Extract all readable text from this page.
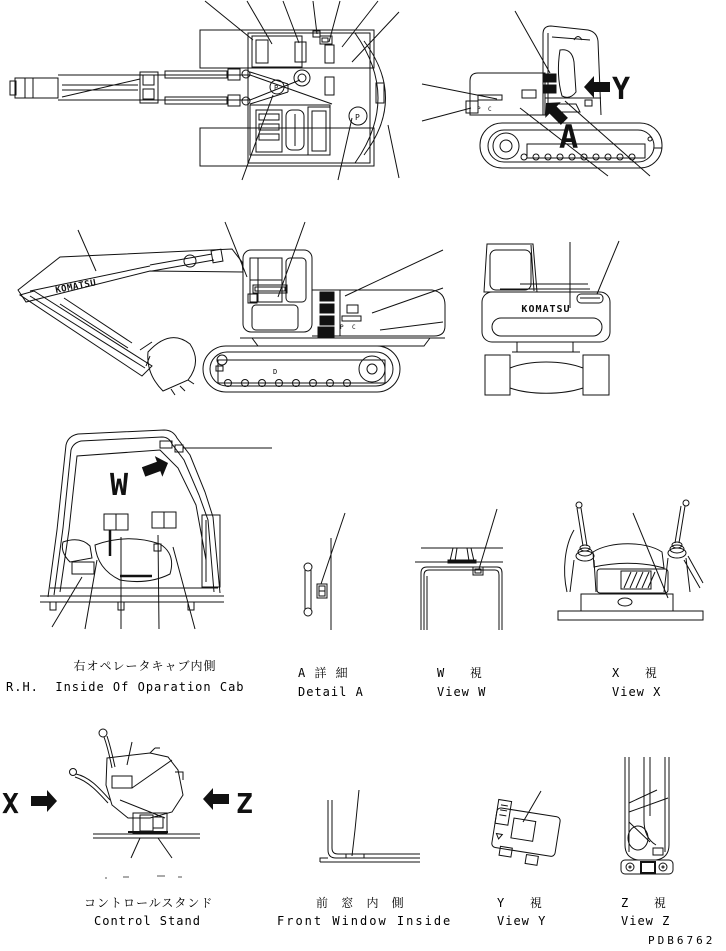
P
P
Y
A
P C
KOMATSU
D
P C
KOMATSU
W
X	Z
右オペレータキャブ内側
R.H.  Inside Of Oparation Cab
A 詳 細
Detail A
W   視
View W
X   視
View X
コントロールスタンド
Control Stand
前 窓 内 側
Front Window Inside
Y   視
View Y
Z   視
View Z
PDB6762
